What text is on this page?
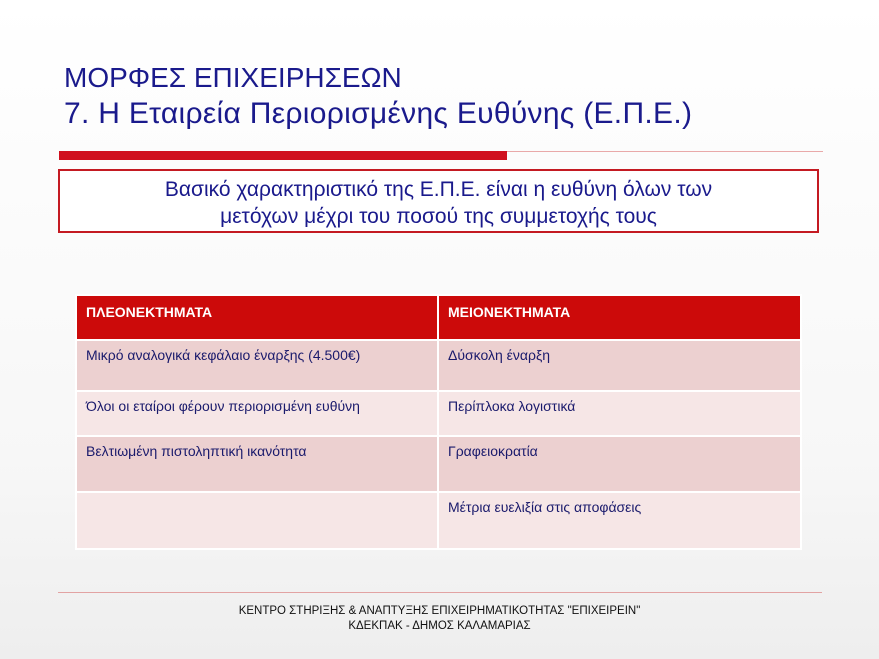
ΜΟΡΦΕΣ ΕΠΙΧΕΙΡΗΣΕΩΝ
7. Η Εταιρεία Περιορισμένης Ευθύνης (Ε.Π.Ε.)
Βασικό χαρακτηριστικό της Ε.Π.Ε. είναι η ευθύνη όλων των
μετόχων μέχρι του ποσού της συμμετοχής τους
ΠΛΕΟΝΕΚΤΗΜΑΤΑ	ΜΕΙΟΝΕΚΤΗΜΑΤΑ
Μικρό αναλογικά κεφάλαιο έναρξης (4.500€)	Δύσκολη έναρξη
Όλοι οι εταίροι φέρουν περιορισμένη ευθύνη	Περίπλοκα λογιστικά
Βελτιωμένη πιστοληπτική ικανότητα	Γραφειοκρατία
	Μέτρια ευελιξία στις αποφάσεις
ΚΕΝΤΡΟ ΣΤΗΡΙΞΗΣ & ΑΝΑΠΤΥΞΗΣ ΕΠΙΧΕΙΡΗΜΑΤΙΚΟΤΗΤΑΣ "ΕΠΙΧΕΙΡΕΙΝ"
ΚΔΕΚΠΑΚ - ΔΗΜΟΣ ΚΑΛΑΜΑΡΙΑΣ
